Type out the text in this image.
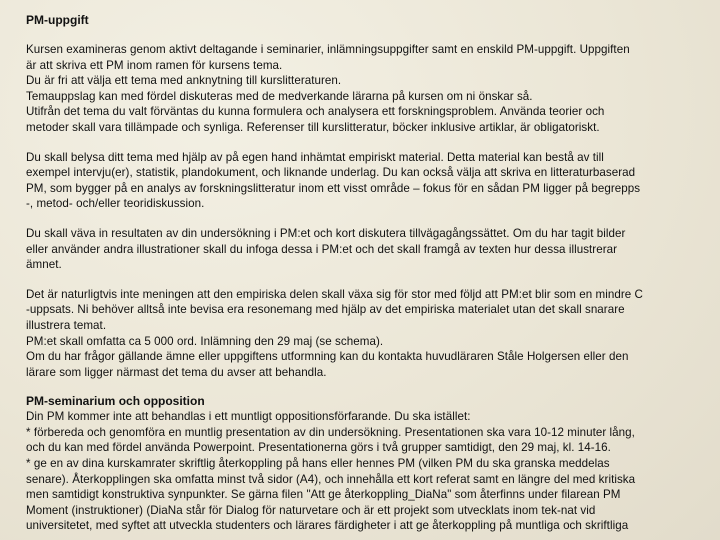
PM-uppgift

Kursen examineras genom aktivt deltagande i seminarier, inlämningsuppgifter samt en enskild PM-uppgift. Uppgiften
är att skriva ett PM inom ramen för kursens tema.
Du är fri att välja ett tema med anknytning till kurslitteraturen.
Temauppslag kan med fördel diskuteras med de medverkande lärarna på kursen om ni önskar så.
Utifrån det tema du valt förväntas du kunna formulera och analysera ett forskningsproblem. Använda teorier och
metoder skall vara tillämpade och synliga. Referenser till kurslitteratur, böcker inklusive artiklar, är obligatoriskt.

Du skall belysa ditt tema med hjälp av på egen hand inhämtat empiriskt material. Detta material kan bestå av till
exempel intervju(er), statistik, plandokument, och liknande underlag. Du kan också välja att skriva en litteraturbaserad
PM, som bygger på en analys av forskningslitteratur inom ett visst område – fokus för en sådan PM ligger på begrepps
-, metod- och/eller teoridiskussion.

Du skall väva in resultaten av din undersökning i PM:et och kort diskutera tillvägagångssättet. Om du har tagit bilder
eller använder andra illustrationer skall du infoga dessa i PM:et och det skall framgå av texten hur dessa illustrerar
ämnet.

Det är naturligtvis inte meningen att den empiriska delen skall växa sig för stor med följd att PM:et blir som en mindre C
-uppsats. Ni behöver alltså inte bevisa era resonemang med hjälp av det empiriska materialet utan det skall snarare
illustrera temat.
PM:et skall omfatta ca 5 000 ord. Inlämning den 29 maj (se schema).
Om du har frågor gällande ämne eller uppgiftens utformning kan du kontakta huvudläraren Ståle Holgersen eller den
lärare som ligger närmast det tema du avser att behandla.

PM-seminarium och opposition

Din PM kommer inte att behandlas i ett muntligt oppositionsförfarande. Du ska istället:
* förbereda och genomföra en muntlig presentation av din undersökning. Presentationen ska vara 10-12 minuter lång,
och du kan med fördel använda Powerpoint. Presentationerna görs i två grupper samtidigt, den 29 maj, kl. 14-16.
* ge en av dina kurskamrater skriftlig återkoppling på hans eller hennes PM (vilken PM du ska granska meddelas
senare). Återkopplingen ska omfatta minst två sidor (A4), och innehålla ett kort referat samt en längre del med kritiska
men samtidigt konstruktiva synpunkter. Se gärna filen "Att ge återkoppling_DiaNa" som återfinns under filarean PM
Moment (instruktioner) (DiaNa står för Dialog för naturvetare och är ett projekt som utvecklats inom tek-nat vid
universitetet, med syftet att utveckla studenters och lärares färdigheter i att ge återkoppling på muntliga och skriftliga
